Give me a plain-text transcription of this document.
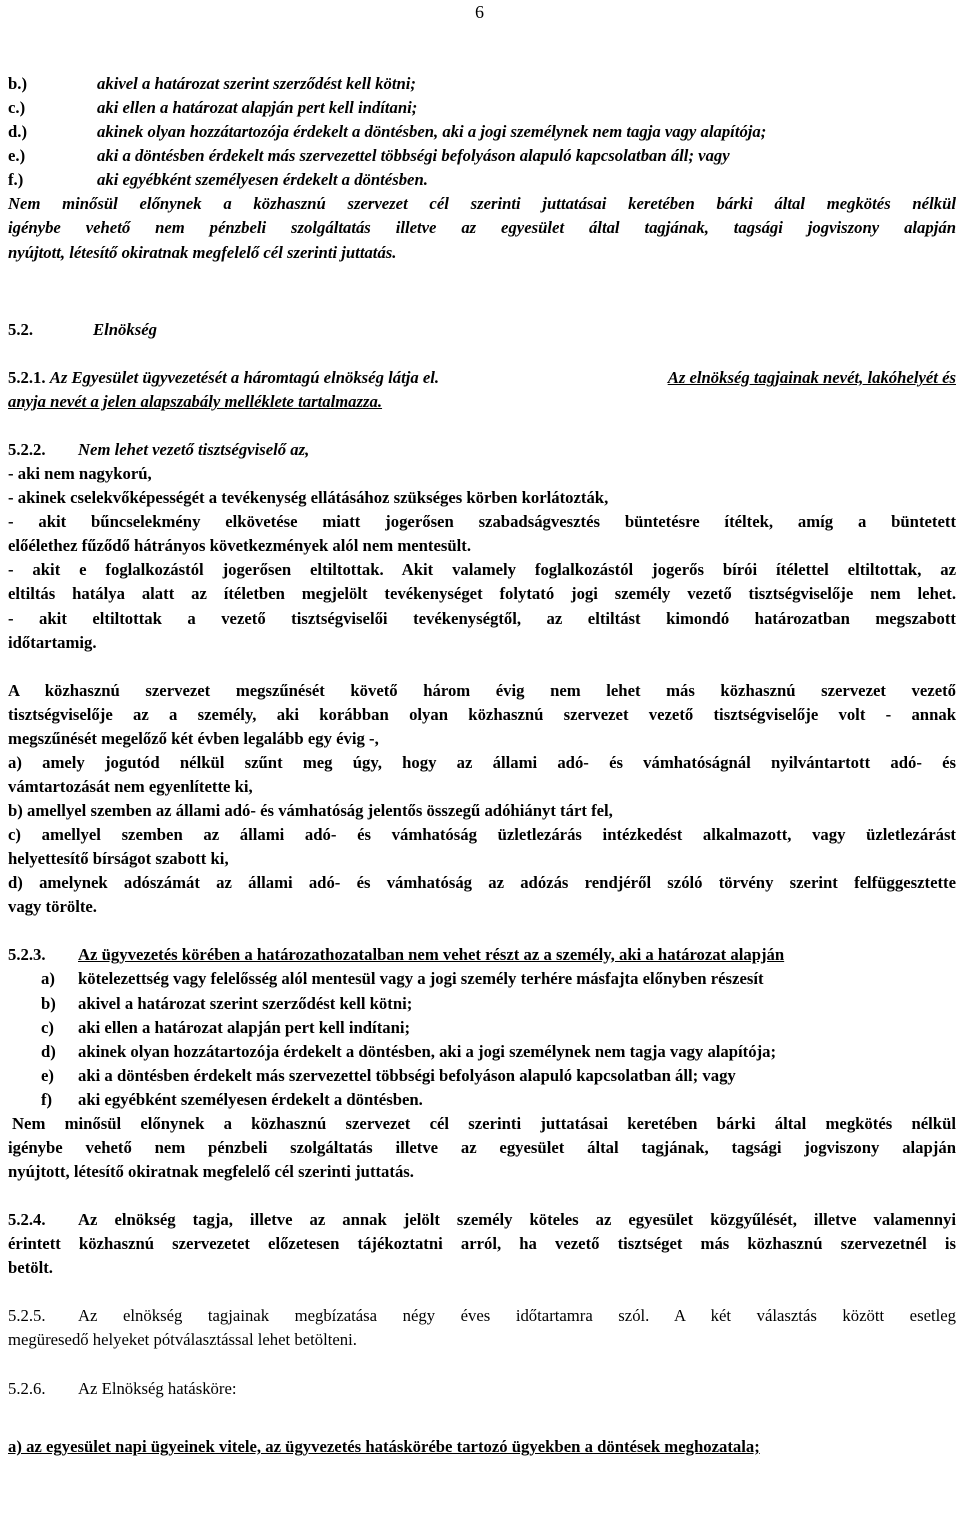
6
b.)	akivel a határozat szerint szerződést kell kötni;
c.)	aki ellen a határozat alapján pert kell indítani;
d.)	akinek olyan hozzátartozója érdekelt a döntésben, aki a jogi személynek nem tagja vagy alapítója;
e.)	aki a döntésben érdekelt más szervezettel többségi befolyáson alapuló kapcsolatban áll; vagy
f.)	aki egyébként személyesen érdekelt a döntésben.
Nem minősül előnynek a közhasznú szervezet cél szerinti juttatásai keretében bárki által megkötés nélkül
igénybe vehető nem pénzbeli szolgáltatás illetve az egyesület által tagjának, tagsági jogviszony alapján
nyújtott, létesítő okiratnak megfelelő cél szerinti juttatás.
5.2.	Elnökség
5.2.1. Az Egyesület ügyvezetését a háromtagú elnökség látja el.	Az elnökség tagjainak nevét, lakóhelyét és
anyja nevét a jelen alapszabály melléklete tartalmazza.
5.2.2. Nem lehet vezető tisztségviselő az,
- aki nem nagykorú,
- akinek cselekvőképességét a tevékenység ellátásához szükséges körben korlátozták,
- akit bűncselekmény elkövetése miatt jogerősen szabadságvesztés büntetésre ítéltek, amíg a büntetett
előélethez fűződő hátrányos következmények alól nem mentesült.
- akit e foglalkozástól jogerősen eltiltottak. Akit valamely foglalkozástól jogerős bírói ítélettel eltiltottak, az
eltiltás hatálya alatt az ítéletben megjelölt tevékenységet folytató jogi személy vezető tisztségviselője nem lehet.
- akit eltiltottak a vezető tisztségviselői tevékenységtől, az eltiltást kimondó határozatban megszabott
időtartamig.
A közhasznú szervezet megszűnését követő három évig nem lehet más közhasznú szervezet vezető
tisztségviselője az a személy, aki korábban olyan közhasznú szervezet vezető tisztségviselője volt - annak
megszűnését megelőző két évben legalább egy évig -,
a) amely jogutód nélkül szűnt meg úgy, hogy az állami adó- és vámhatóságnál nyilvántartott adó- és
vámtartozását nem egyenlítette ki,
b) amellyel szemben az állami adó- és vámhatóság jelentős összegű adóhiányt tárt fel,
c) amellyel szemben az állami adó- és vámhatóság üzletlezárás intézkedést alkalmazott, vagy üzletlezárást
helyettesítő bírságot szabott ki,
d) amelynek adószámát az állami adó- és vámhatóság az adózás rendjéről szóló törvény szerint felfüggesztette
vagy törölte.
5.2.3. Az ügyvezetés körében a határozathozatalban nem vehet részt az a személy, aki a határozat alapján
a) kötelezettség vagy felelősség alól mentesül vagy a jogi személy terhére másfajta előnyben részesít
b) akivel a határozat szerint szerződést kell kötni;
c) aki ellen a határozat alapján pert kell indítani;
d) akinek olyan hozzátartozója érdekelt a döntésben, aki a jogi személynek nem tagja vagy alapítója;
e) aki a döntésben érdekelt más szervezettel többségi befolyáson alapuló kapcsolatban áll; vagy
f) aki egyébként személyesen érdekelt a döntésben.
Nem minősül előnynek a közhasznú szervezet cél szerinti juttatásai keretében bárki által megkötés nélkül
igénybe vehető nem pénzbeli szolgáltatás illetve az egyesület által tagjának, tagsági jogviszony alapján
nyújtott, létesítő okiratnak megfelelő cél szerinti juttatás.
5.2.4. Az elnökség tagja, illetve az annak jelölt személy köteles az egyesület közgyűlését, illetve valamennyi
érintett közhasznú szervezetet előzetesen tájékoztatni arról, ha vezető tisztséget más közhasznú szervezetnél is
betölt.
5.2.5. Az elnökség tagjainak megbízatása négy éves időtartamra szól. A két választás között esetleg
megüresedő helyeket pótválasztással lehet betölteni.
5.2.6. Az Elnökség hatásköre:
a) az egyesület napi ügyeinek vitele, az ügyvezetés hatáskörébe tartozó ügyekben a döntések meghozatala;
